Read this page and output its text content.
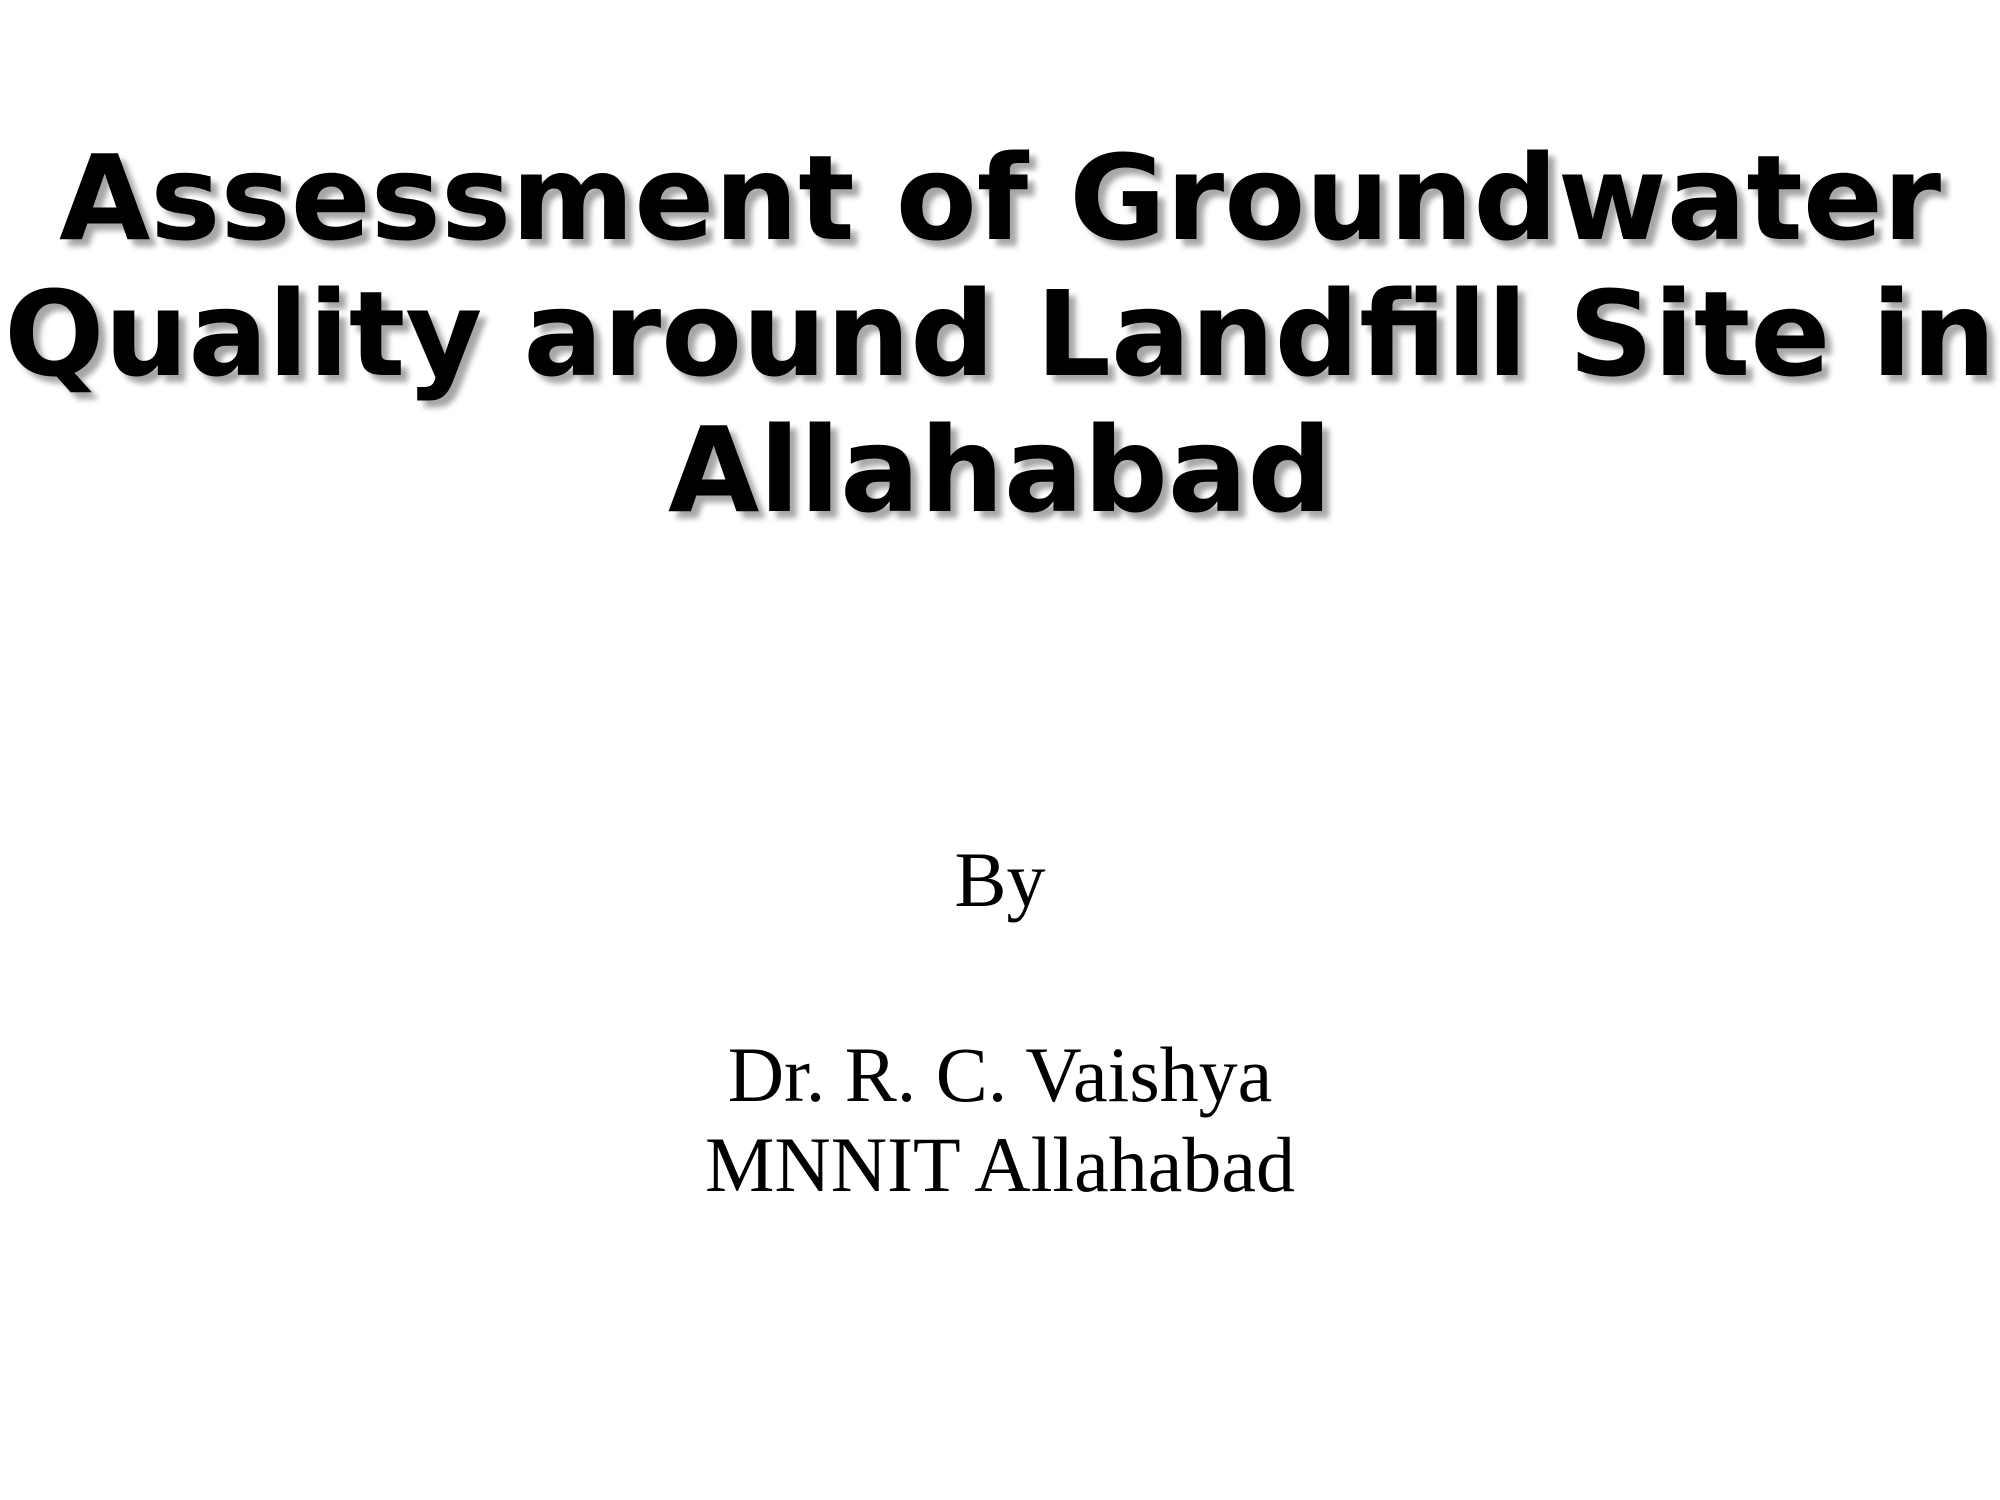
Assessment of Groundwater
Quality around Landfill Site in
Allahabad
By
Dr. R. C. Vaishya
MNNIT Allahabad
